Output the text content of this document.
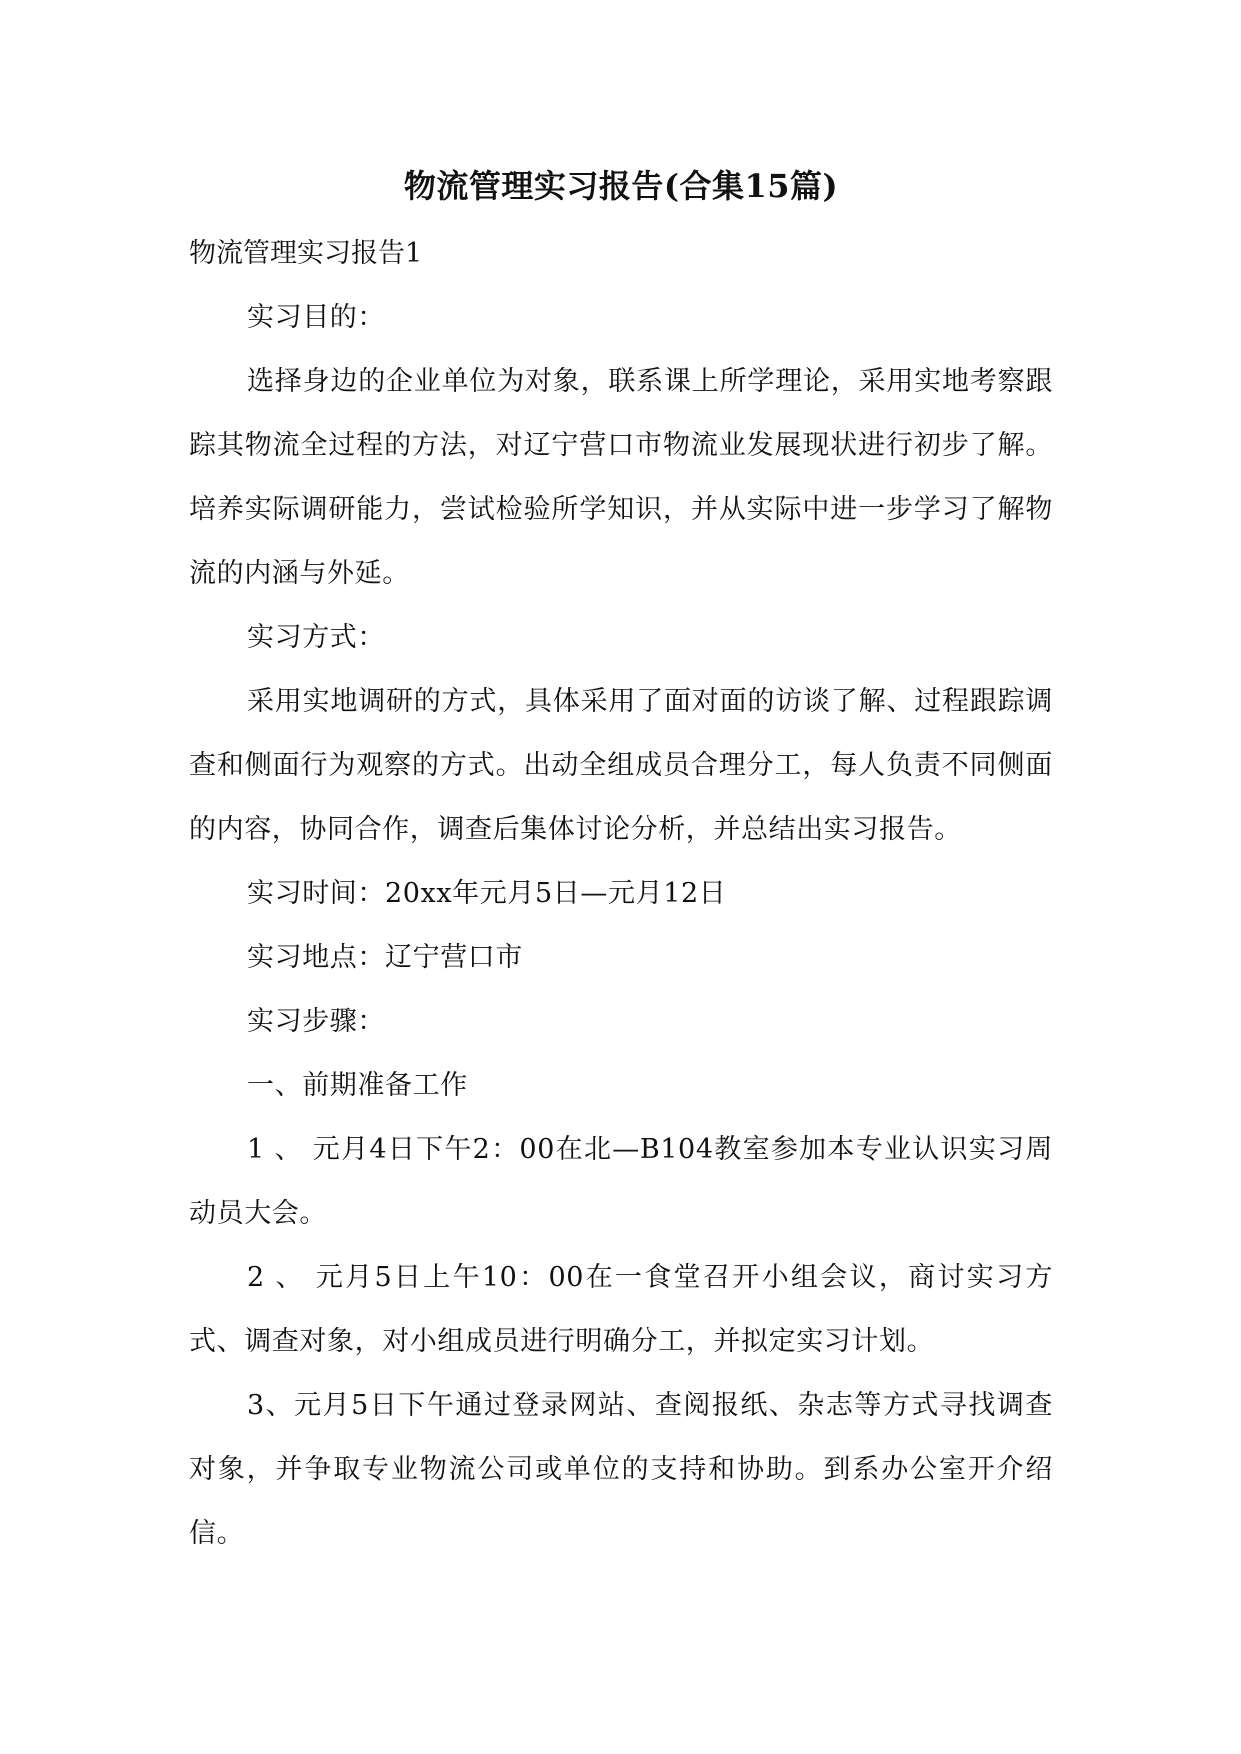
物流管理实习报告(合集15篇)

物流管理实习报告1

实习目的：

选择身边的企业单位为对象，联系课上所学理论，采用实地考察跟踪其物流全过程的方法，对辽宁营口市物流业发展现状进行初步了解。培养实际调研能力，尝试检验所学知识，并从实际中进一步学习了解物流的内涵与外延。

实习方式：

采用实地调研的方式，具体采用了面对面的访谈了解、过程跟踪调查和侧面行为观察的方式。出动全组成员合理分工，每人负责不同侧面的内容，协同合作，调查后集体讨论分析，并总结出实习报告。

实习时间：20xx年元月5日—元月12日

实习地点：辽宁营口市

实习步骤：

一、前期准备工作

1 、 元月4日下午2：00在北—B104教室参加本专业认识实习周动员大会。

2 、 元月5日上午10：00在一食堂召开小组会议，商讨实习方式、调查对象，对小组成员进行明确分工，并拟定实习计划。

3、元月5日下午通过登录网站、查阅报纸、杂志等方式寻找调查对象，并争取专业物流公司或单位的支持和协助。到系办公室开介绍信。
